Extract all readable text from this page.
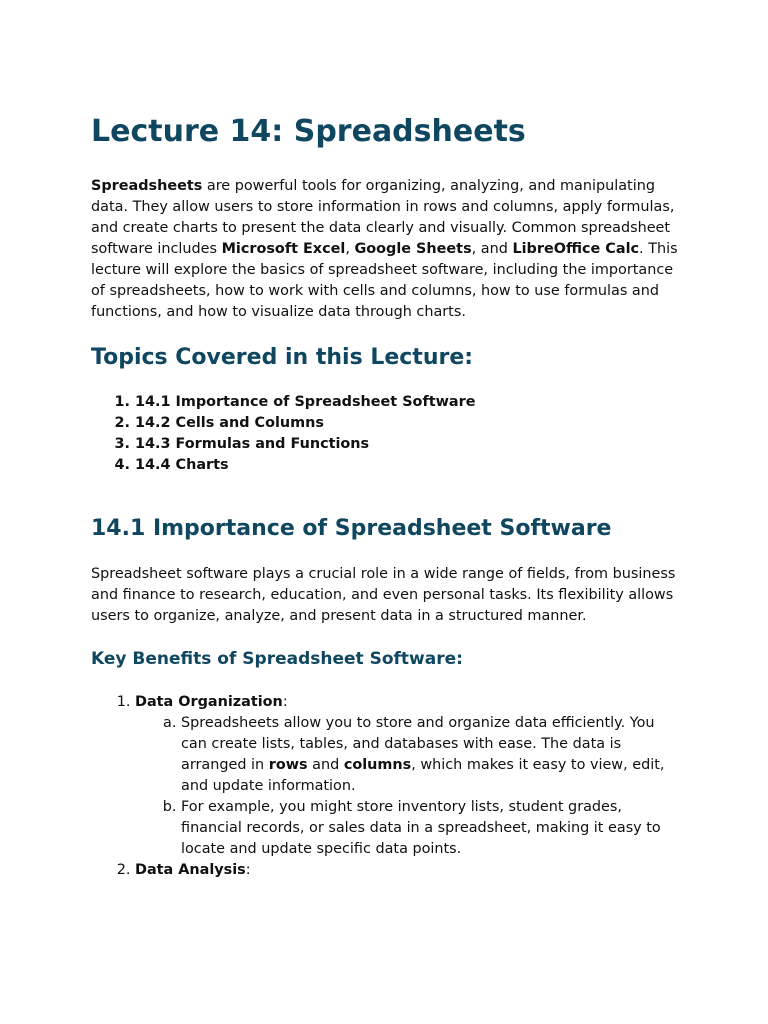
Lecture 14: Spreadsheets

Spreadsheets are powerful tools for organizing, analyzing, and manipulating data. They allow users to store information in rows and columns, apply formulas, and create charts to present the data clearly and visually. Common spreadsheet software includes Microsoft Excel, Google Sheets, and LibreOffice Calc. This lecture will explore the basics of spreadsheet software, including the importance of spreadsheets, how to work with cells and columns, how to use formulas and functions, and how to visualize data through charts.

Topics Covered in this Lecture:
1. 14.1 Importance of Spreadsheet Software
2. 14.2 Cells and Columns
3. 14.3 Formulas and Functions
4. 14.4 Charts
14.1 Importance of Spreadsheet Software

Spreadsheet software plays a crucial role in a wide range of fields, from business and finance to research, education, and even personal tasks. Its flexibility allows users to organize, analyze, and present data in a structured manner.

Key Benefits of Spreadsheet Software:
1. Data Organization:
a. Spreadsheets allow you to store and organize data efficiently. You can create lists, tables, and databases with ease. The data is arranged in rows and columns, which makes it easy to view, edit, and update information.
b. For example, you might store inventory lists, student grades, financial records, or sales data in a spreadsheet, making it easy to locate and update specific data points.
2. Data Analysis:
